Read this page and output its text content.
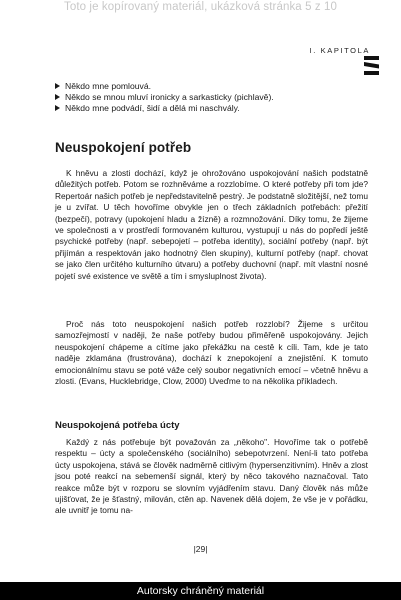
Toto je kopírovaný materiál, ukázková stránka 5 z 10
I. KAPITOLA
Někdo mne pomlouvá.
Někdo se mnou mluví ironicky a sarkasticky (pichlavě).
Někdo mne podvádí, šidí a dělá mi naschvály.
Neuspokojení potřeb

K hněvu a zlosti dochází, když je ohrožováno uspokojování našich podstatně důležitých potřeb. Potom se rozhněváme a rozzlobíme. O které potřeby při tom jde? Repertoár našich potřeb je nepředstavitelně pestrý. Je podstatně složitější, než tomu je u zvířat. U těch hovoříme obvykle jen o třech základních potřebách: přežití (bezpečí), potravy (upokojení hladu a žízně) a rozmnožování. Díky tomu, že žijeme ve společnosti a v prostředí formovaném kulturou, vystupují u nás do popředí ještě psychické potřeby (např. sebepojetí – potřeba identity), sociální potřeby (např. být přijímán a respektován jako hodnotný člen skupiny), kulturní potřeby (např. chovat se jako člen určitého kulturního útvaru) a potřeby duchovní (např. mít vlastní nosné pojetí své existence ve světě a tím i smysluplnost života).

Proč nás toto neuspokojení našich potřeb rozzlobí? Žijeme s určitou samozřejmostí v naději, že naše potřeby budou přiměřeně uspokojovány. Jejich neuspokojení chápeme a cítíme jako překážku na cestě k cíli. Tam, kde je tato naděje zklamána (frustrována), dochází k znepokojení a znejistění. K tomuto emocionálnímu stavu se poté váže celý soubor negativních emocí – včetně hněvu a zlosti. (Evans, Hucklebridge, Clow, 2000) Uveďme to na několika příkladech.

Neuspokojená potřeba úcty

Každý z nás potřebuje být považován za „někoho". Hovoříme tak o potřebě respektu – úcty a společenského (sociálního) sebepotvrzení. Není-li tato potřeba úcty uspokojena, stává se člověk nadměrně citlivým (hypersenzitivním). Hněv a zlost jsou poté reakcí na sebemenší signál, který by něco takového naznačoval. Tato reakce může být v rozporu se slovním vyjádřením stavu. Daný člověk nás může ujišťovat, že je šťastný, milován, ctěn ap. Navenek dělá dojem, že vše je v pořádku, ale uvnitř je tomu na-

|29|
Autorsky chráněný materiál
